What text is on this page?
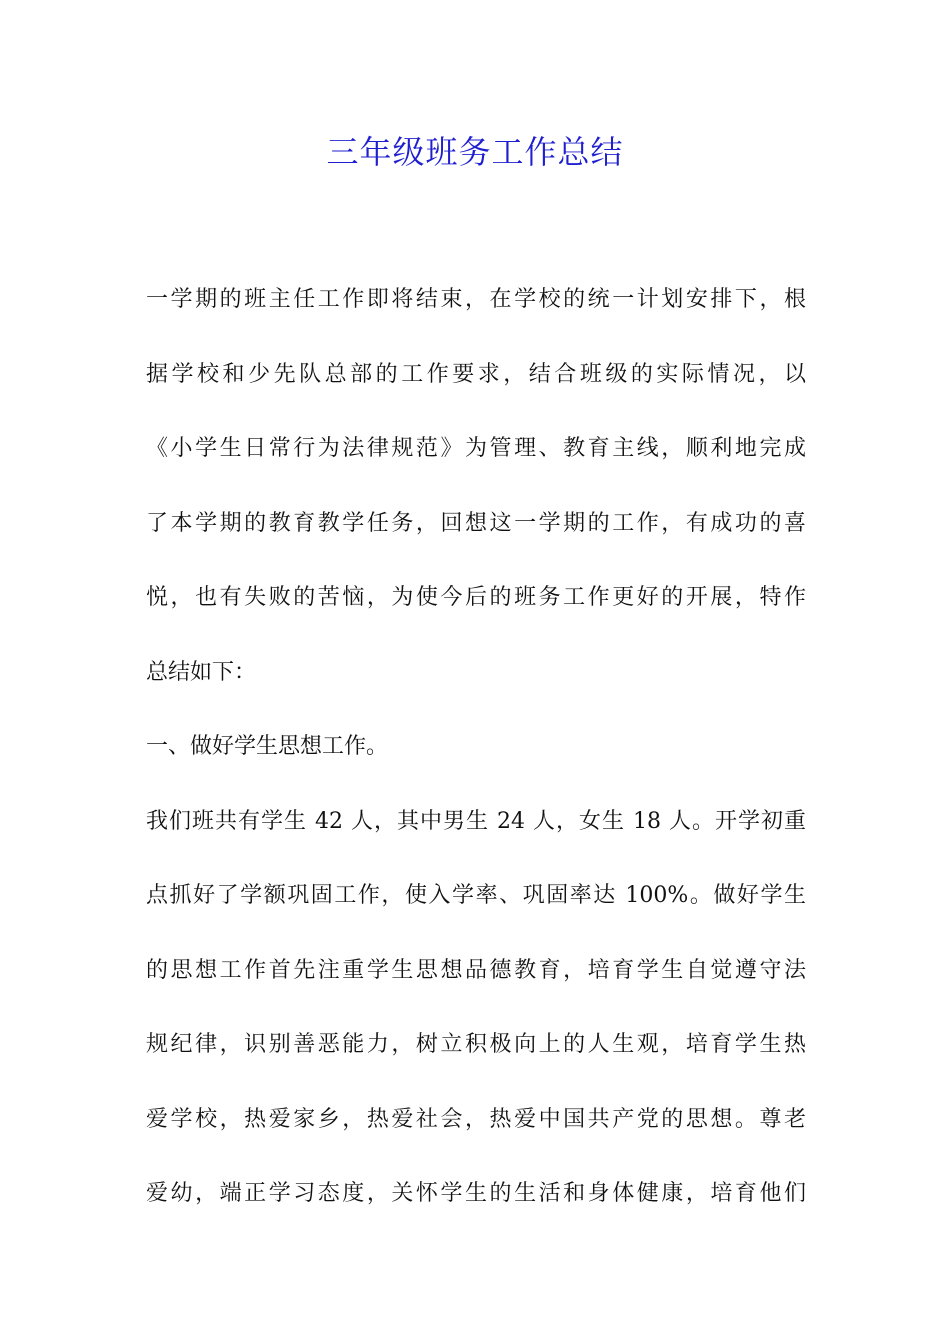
三年级班务工作总结
一学期的班主任工作即将结束，在学校的统一计划安排下，根
据学校和少先队总部的工作要求，结合班级的实际情况，以
《小学生日常行为法律规范》为管理、教育主线，顺利地完成
了本学期的教育教学任务，回想这一学期的工作，有成功的喜
悦，也有失败的苦恼，为使今后的班务工作更好的开展，特作
总结如下：
一、做好学生思想工作。
我们班共有学生 42 人，其中男生 24 人，女生 18 人。开学初重
点抓好了学额巩固工作，使入学率、巩固率达 100%。做好学生
的思想工作首先注重学生思想品德教育，培育学生自觉遵守法
规纪律，识别善恶能力，树立积极向上的人生观，培育学生热
爱学校，热爱家乡，热爱社会，热爱中国共产党的思想。尊老
爱幼，端正学习态度，关怀学生的生活和身体健康，培育他们
